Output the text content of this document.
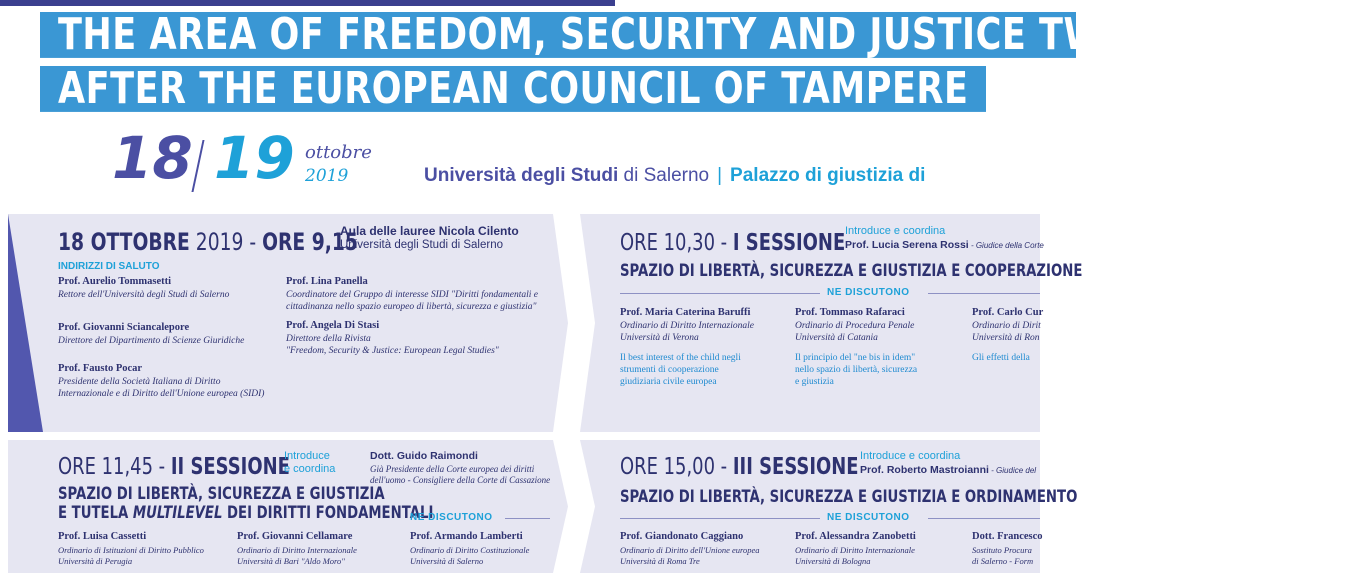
THE AREA OF FREEDOM, SECURITY AND JUSTICE TWENTY YEARS
AFTER THE EUROPEAN COUNCIL OF TAMPERE
18 19 ottobre
2019	Università degli Studi di Salerno | Palazzo di giustizia di
18 OTTOBRE 2019 - ORE 9,15
Aula delle lauree Nicola Cilento
Università degli Studi di Salerno
INDIRIZZI DI SALUTO
Prof. Aurelio Tommasetti
Rettore dell'Università degli Studi di Salerno
Prof. Giovanni Sciancalepore
Direttore del Dipartimento di Scienze Giuridiche
Prof. Fausto Pocar
Presidente della Società Italiana di Diritto
Internazionale e di Diritto dell'Unione europea (SIDI)
Prof. Lina Panella
Coordinatore del Gruppo di interesse SIDI "Diritti fondamentali e
cittadinanza nello spazio europeo di libertà, sicurezza e giustizia"
Prof. Angela Di Stasi
Direttore della Rivista
"Freedom, Security & Justice: European Legal Studies"
ORE 10,30 - I SESSIONE Introduce e coordina
Prof. Lucia Serena Rossi - Giudice della Corte
SPAZIO DI LIBERTÀ, SICUREZZA E GIUSTIZIA E COOPERAZIONE
NE DISCUTONO
Prof. Maria Caterina Baruffi
Ordinario di Diritto Internazionale
Università di Verona
Il best interest of the child negli
strumenti di cooperazione
giudiziaria civile europea
Prof. Tommaso Rafaraci
Ordinario di Procedura Penale
Università di Catania
Il principio del "ne bis in idem"
nello spazio di libertà, sicurezza
e giustizia
Prof. Carlo Cur
Ordinario di Dirit
Università di Ron
Gli effetti della
ORE 11,45 - II SESSIONE
Introduce
e coordina
Dott. Guido Raimondi
Già Presidente della Corte europea dei diritti
dell'uomo - Consigliere della Corte di Cassazione
SPAZIO DI LIBERTÀ, SICUREZZA E GIUSTIZIA
E TUTELA MULTILEVEL DEI DIRITTI FONDAMENTALI
NE DISCUTONO
Prof. Luisa Cassetti
Ordinario di Istituzioni di Diritto Pubblico
Università di Perugia
Prof. Giovanni Cellamare
Ordinario di Diritto Internazionale
Università di Bari "Aldo Moro"
Prof. Armando Lamberti
Ordinario di Diritto Costituzionale
Università di Salerno
ORE 15,00 - III SESSIONE Introduce e coordina
Prof. Roberto Mastroianni - Giudice del
SPAZIO DI LIBERTÀ, SICUREZZA E GIUSTIZIA E ORDINAMENTO
NE DISCUTONO
Prof. Giandonato Caggiano
Ordinario di Diritto dell'Unione europea
Università di Roma Tre
Prof. Alessandra Zanobetti
Ordinario di Diritto Internazionale
Università di Bologna
Dott. Francesco
Sostituto Procura
di Salerno - Form
